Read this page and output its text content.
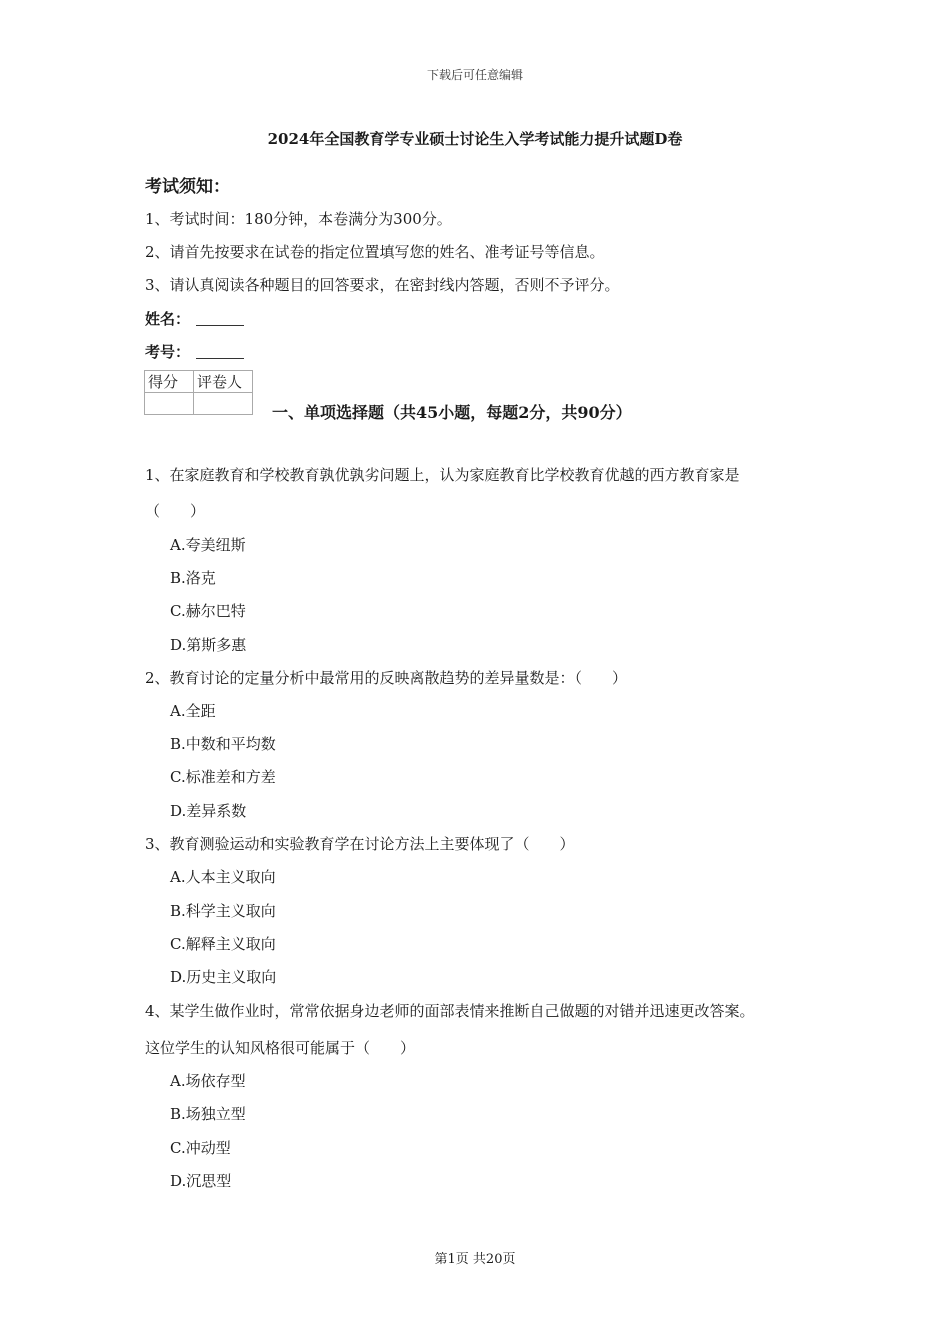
下载后可任意编辑
2024年全国教育学专业硕士讨论生入学考试能力提升试题D卷
考试须知：
1、考试时间：180分钟，本卷满分为300分。
2、请首先按要求在试卷的指定位置填写您的姓名、准考证号等信息。
3、请认真阅读各种题目的回答要求，在密封线内答题，否则不予评分。
姓名：
考号：
得分	评卷人

一、单项选择题（共45小题，每题2分，共90分）
1、在家庭教育和学校教育孰优孰劣问题上，认为家庭教育比学校教育优越的西方教育家是
（　　）
A.夸美纽斯
B.洛克
C.赫尔巴特
D.第斯多惠
2、教育讨论的定量分析中最常用的反映离散趋势的差异量数是：（　　）
A.全距
B.中数和平均数
C.标准差和方差
D.差异系数
3、教育测验运动和实验教育学在讨论方法上主要体现了（　　）
A.人本主义取向
B.科学主义取向
C.解释主义取向
D.历史主义取向
4、某学生做作业时，常常依据身边老师的面部表情来推断自己做题的对错并迅速更改答案。
这位学生的认知风格很可能属于（　　）
A.场依存型
B.场独立型
C.冲动型
D.沉思型
第1页 共20页
